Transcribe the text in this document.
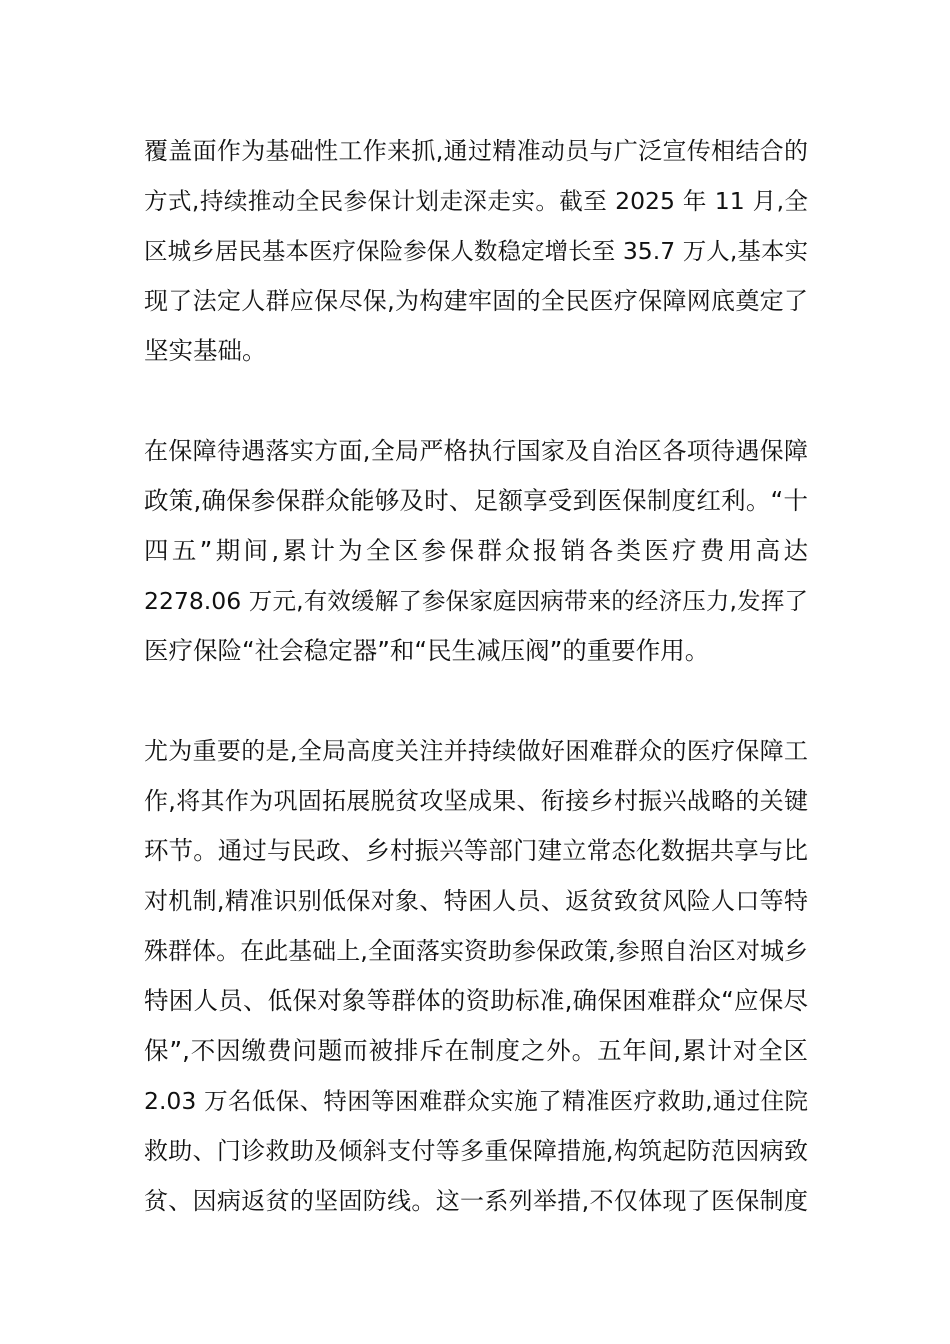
覆盖面作为基础性工作来抓,通过精准动员与广泛宣传相结合的
方式,持续推动全民参保计划走深走实。截至 2025 年 11 月,全
区城乡居民基本医疗保险参保人数稳定增长至 35.7 万人,基本实
现了法定人群应保尽保,为构建牢固的全民医疗保障网底奠定了
坚实基础。
在保障待遇落实方面,全局严格执行国家及自治区各项待遇保障
政策,确保参保群众能够及时、足额享受到医保制度红利。“十
四五”期间,累计为全区参保群众报销各类医疗费用高达
2278.06 万元,有效缓解了参保家庭因病带来的经济压力,发挥了
医疗保险“社会稳定器”和“民生减压阀”的重要作用。
尤为重要的是,全局高度关注并持续做好困难群众的医疗保障工
作,将其作为巩固拓展脱贫攻坚成果、衔接乡村振兴战略的关键
环节。通过与民政、乡村振兴等部门建立常态化数据共享与比
对机制,精准识别低保对象、特困人员、返贫致贫风险人口等特
殊群体。在此基础上,全面落实资助参保政策,参照自治区对城乡
特困人员、低保对象等群体的资助标准,确保困难群众“应保尽
保”,不因缴费问题而被排斥在制度之外。五年间,累计对全区
2.03 万名低保、特困等困难群众实施了精准医疗救助,通过住院
救助、门诊救助及倾斜支付等多重保障措施,构筑起防范因病致
贫、因病返贫的坚固防线。这一系列举措,不仅体现了医保制度
